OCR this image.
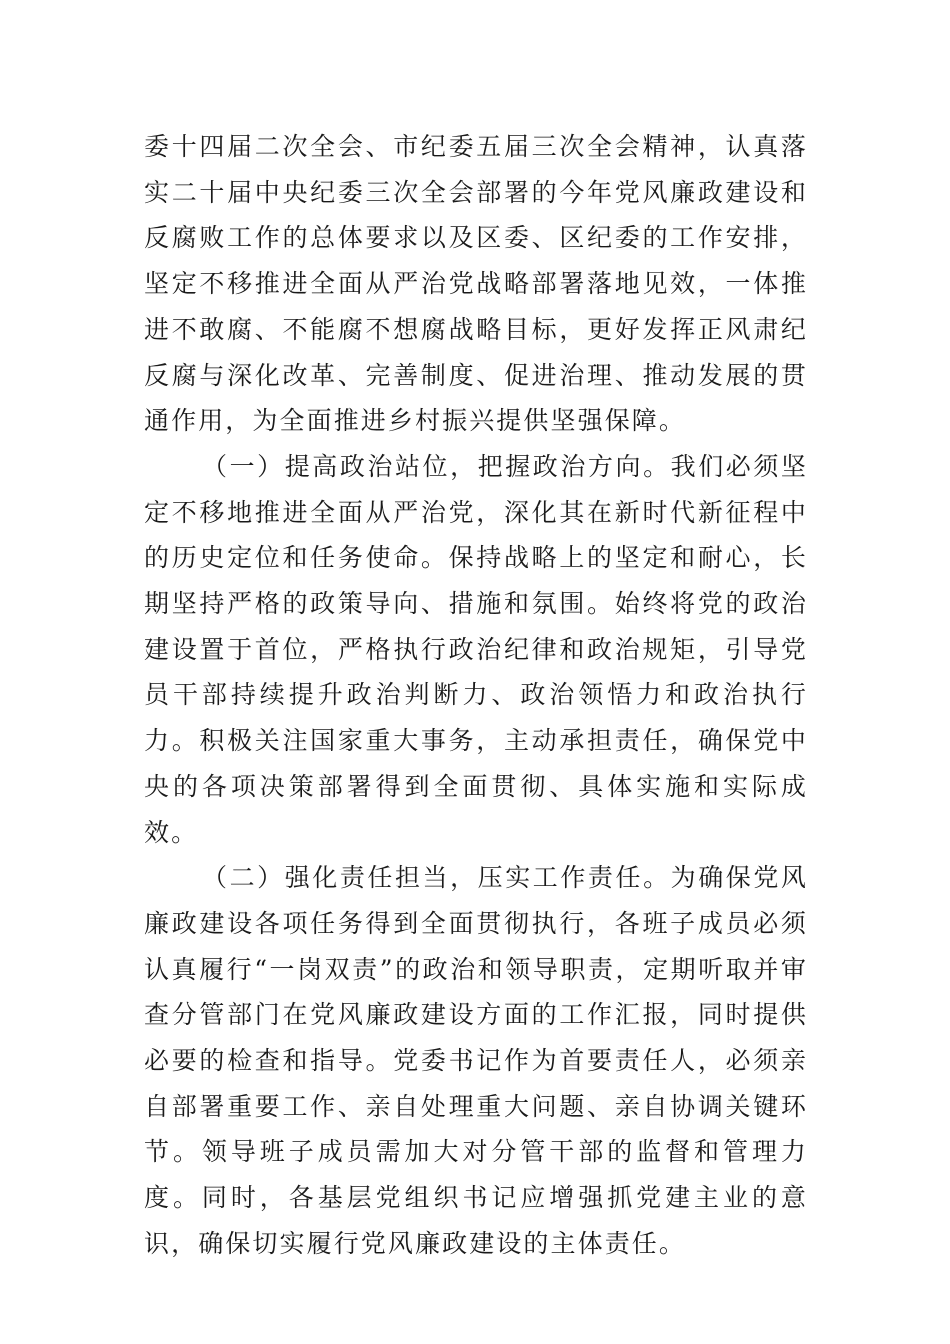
委十四届二次全会、市纪委五届三次全会精神，认真落实二十届中央纪委三次全会部署的今年党风廉政建设和反腐败工作的总体要求以及区委、区纪委的工作安排，坚定不移推进全面从严治党战略部署落地见效，一体推进不敢腐、不能腐不想腐战略目标，更好发挥正风肃纪反腐与深化改革、完善制度、促进治理、推动发展的贯通作用，为全面推进乡村振兴提供坚强保障。

（一）提高政治站位，把握政治方向。我们必须坚定不移地推进全面从严治党，深化其在新时代新征程中的历史定位和任务使命。保持战略上的坚定和耐心，长期坚持严格的政策导向、措施和氛围。始终将党的政治建设置于首位，严格执行政治纪律和政治规矩，引导党员干部持续提升政治判断力、政治领悟力和政治执行力。积极关注国家重大事务，主动承担责任，确保党中央的各项决策部署得到全面贯彻、具体实施和实际成效。

（二）强化责任担当，压实工作责任。为确保党风廉政建设各项任务得到全面贯彻执行，各班子成员必须认真履行“一岗双责”的政治和领导职责，定期听取并审查分管部门在党风廉政建设方面的工作汇报，同时提供必要的检查和指导。党委书记作为首要责任人，必须亲自部署重要工作、亲自处理重大问题、亲自协调关键环节。领导班子成员需加大对分管干部的监督和管理力度。同时，各基层党组织书记应增强抓党建主业的意识，确保切实履行党风廉政建设的主体责任。
